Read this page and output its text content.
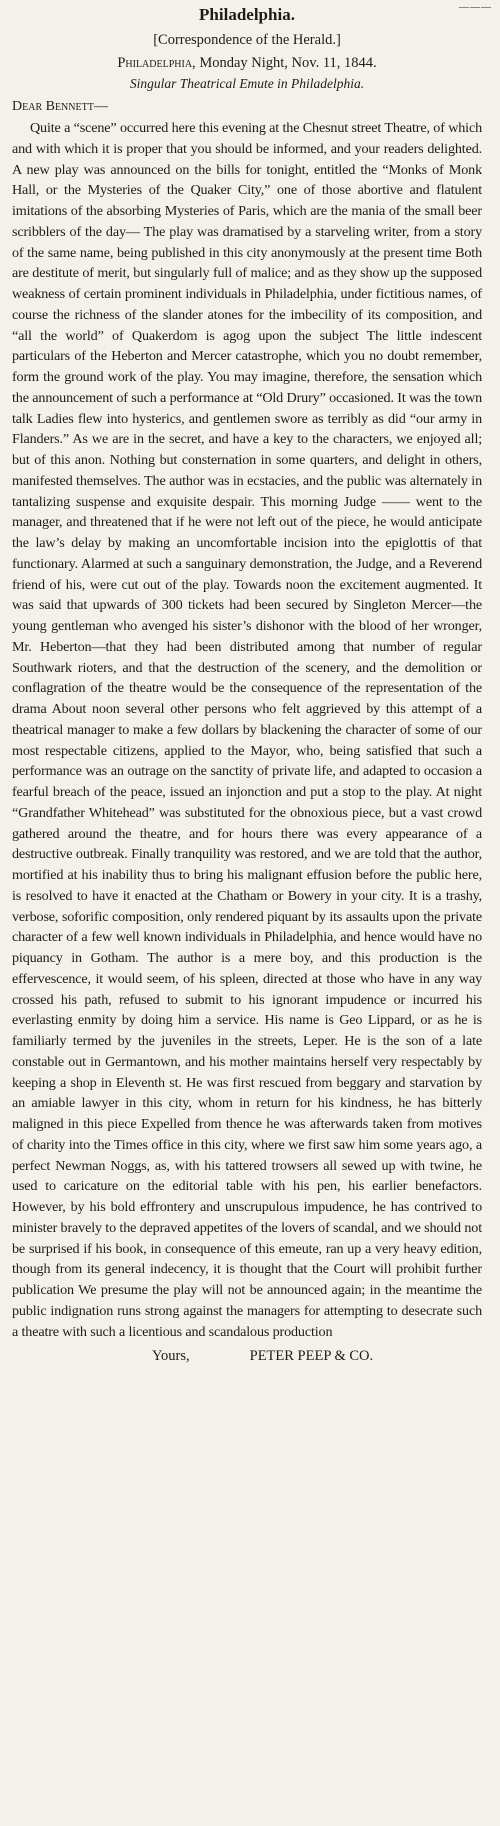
———
Philadelphia.

[Correspondence of the Herald.]

Philadelphia, Monday Night, Nov. 11, 1844.

Singular Theatrical Emute in Philadelphia.

Dear Bennett—

Quite a “scene” occurred here this evening at the Chesnut street Theatre, of which and with which it is proper that you should be informed, and your readers delighted. A new play was announced on the bills for tonight, entitled the “Monks of Monk Hall, or the Mysteries of the Quaker City,” one of those abortive and flatulent imitations of the absorbing Mysteries of Paris, which are the mania of the small beer scribblers of the day— The play was dramatised by a starveling writer, from a story of the same name, being published in this city anonymously at the present time Both are destitute of merit, but singularly full of malice; and as they show up the supposed weakness of certain prominent individuals in Philadelphia, under fictitious names, of course the richness of the slander atones for the imbecility of its composition, and “all the world” of Quakerdom is agog upon the subject The little indescent particulars of the Heberton and Mercer catastrophe, which you no doubt remember, form the ground work of the play. You may imagine, therefore, the sensation which the announcement of such a performance at “Old Drury” occasioned. It was the town talk Ladies flew into hysterics, and gentlemen swore as terribly as did “our army in Flanders.” As we are in the secret, and have a key to the characters, we enjoyed all; but of this anon. Nothing but consternation in some quarters, and delight in others, manifested themselves. The author was in ecstacies, and the public was alternately in tantalizing suspense and exquisite despair. This morning Judge —— went to the manager, and threatened that if he were not left out of the piece, he would anticipate the law’s delay by making an uncomfortable incision into the epiglottis of that functionary. Alarmed at such a sanguinary demonstration, the Judge, and a Reverend friend of his, were cut out of the play. Towards noon the excitement augmented. It was said that upwards of 300 tickets had been secured by Singleton Mercer—the young gentleman who avenged his sister’s dishonor with the blood of her wronger, Mr. Heberton—that they had been distributed among that number of regular Southwark rioters, and that the destruction of the scenery, and the demolition or conflagration of the theatre would be the consequence of the representation of the drama About noon several other persons who felt aggrieved by this attempt of a theatrical manager to make a few dollars by blackening the character of some of our most respectable citizens, applied to the Mayor, who, being satisfied that such a performance was an outrage on the sanctity of private life, and adapted to occasion a fearful breach of the peace, issued an injonction and put a stop to the play. At night “Grandfather Whitehead” was substituted for the obnoxious piece, but a vast crowd gathered around the theatre, and for hours there was every appearance of a destructive outbreak. Finally tranquility was restored, and we are told that the author, mortified at his inability thus to bring his malignant effusion before the public here, is resolved to have it enacted at the Chatham or Bowery in your city. It is a trashy, verbose, soforific composition, only rendered piquant by its assaults upon the private character of a few well known individuals in Philadelphia, and hence would have no piquancy in Gotham. The author is a mere boy, and this production is the effervescence, it would seem, of his spleen, directed at those who have in any way crossed his path, refused to submit to his ignorant impudence or incurred his everlasting enmity by doing him a service. His name is Geo Lippard, or as he is familiarly termed by the juveniles in the streets, Leper. He is the son of a late constable out in Germantown, and his mother maintains herself very respectably by keeping a shop in Eleventh st. He was first rescued from beggary and starvation by an amiable lawyer in this city, whom in return for his kindness, he has bitterly maligned in this piece Expelled from thence he was afterwards taken from motives of charity into the Times office in this city, where we first saw him some years ago, a perfect Newman Noggs, as, with his tattered trowsers all sewed up with twine, he used to caricature on the editorial table with his pen, his earlier benefactors. However, by his bold effrontery and unscrupulous impudence, he has contrived to minister bravely to the depraved appetites of the lovers of scandal, and we should not be surprised if his book, in consequence of this emeute, ran up a very heavy edition, though from its general indecency, it is thought that the Court will prohibit further publication We presume the play will not be announced again; in the meantime the public indignation runs strong against the managers for attempting to desecrate such a theatre with such a licentious and scandalous production

Yours,	PETER PEEP & CO.
